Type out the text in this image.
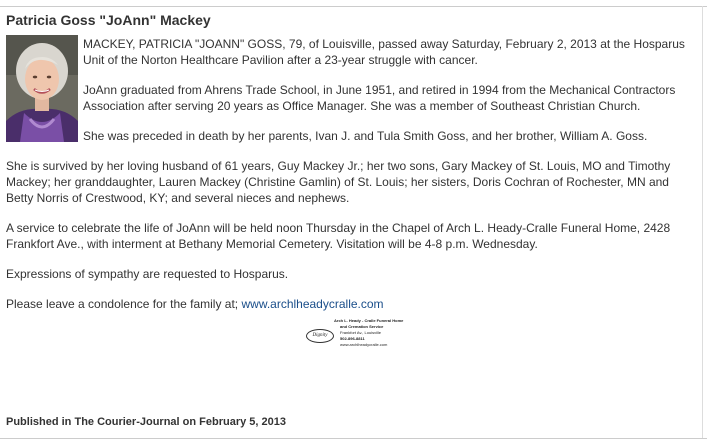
Patricia Goss "JoAnn" Mackey

MACKEY, PATRICIA "JOANN" GOSS, 79, of Louisville, passed away Saturday, February 2, 2013 at the Hosparus Unit of the Norton Healthcare Pavilion after a 23-year struggle with cancer.

JoAnn graduated from Ahrens Trade School, in June 1951, and retired in 1994 from the Mechanical Contractors Association after serving 20 years as Office Manager. She was a member of Southeast Christian Church.

She was preceded in death by her parents, Ivan J. and Tula Smith Goss, and her brother, William A. Goss.

She is survived by her loving husband of 61 years, Guy Mackey Jr.; her two sons, Gary Mackey of St. Louis, MO and Timothy Mackey; her granddaughter, Lauren Mackey (Christine Gamlin) of St. Louis; her sisters, Doris Cochran of Rochester, MN and Betty Norris of Crestwood, KY; and several nieces and nephews.

A service to celebrate the life of JoAnn will be held noon Thursday in the Chapel of Arch L. Heady-Cralle Funeral Home, 2428 Frankfort Ave., with interment at Bethany Memorial Cemetery. Visitation will be 4-8 p.m. Wednesday.

Expressions of sympathy are requested to Hosparus.

Please leave a condolence for the family at; www.archlheadycralle.com

Arch L. Heady - Cralle Funeral Home
and Cremation Service
Frankfort Av., Louisville
502-896-8811
www.archlheadycralle.com
Dignity
Published in The Courier-Journal on February 5, 2013
